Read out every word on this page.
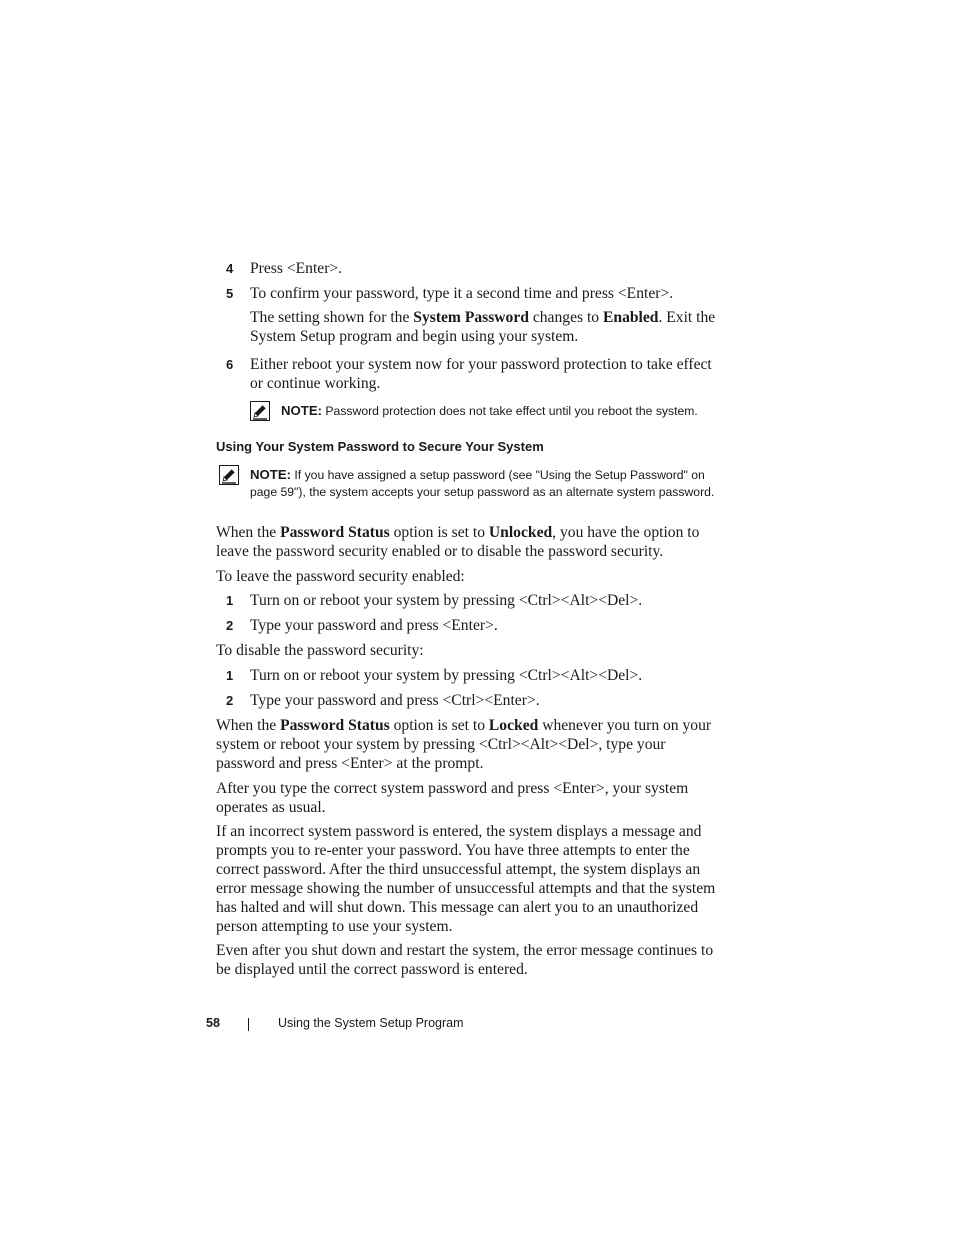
4 Press <Enter>.
5 To confirm your password, type it a second time and press <Enter>.
The setting shown for the System Password changes to Enabled. Exit the System Setup program and begin using your system.
6 Either reboot your system now for your password protection to take effect or continue working.
NOTE: Password protection does not take effect until you reboot the system.
Using Your System Password to Secure Your System
NOTE: If you have assigned a setup password (see "Using the Setup Password" on page 59"), the system accepts your setup password as an alternate system password.
When the Password Status option is set to Unlocked, you have the option to leave the password security enabled or to disable the password security.
To leave the password security enabled:
1 Turn on or reboot your system by pressing <Ctrl><Alt><Del>.
2 Type your password and press <Enter>.
To disable the password security:
1 Turn on or reboot your system by pressing <Ctrl><Alt><Del>.
2 Type your password and press <Ctrl><Enter>.
When the Password Status option is set to Locked whenever you turn on your system or reboot your system by pressing <Ctrl><Alt><Del>, type your password and press <Enter> at the prompt.
After you type the correct system password and press <Enter>, your system operates as usual.
If an incorrect system password is entered, the system displays a message and prompts you to re-enter your password. You have three attempts to enter the correct password. After the third unsuccessful attempt, the system displays an error message showing the number of unsuccessful attempts and that the system has halted and will shut down. This message can alert you to an unauthorized person attempting to use your system.
Even after you shut down and restart the system, the error message continues to be displayed until the correct password is entered.
58	Using the System Setup Program
